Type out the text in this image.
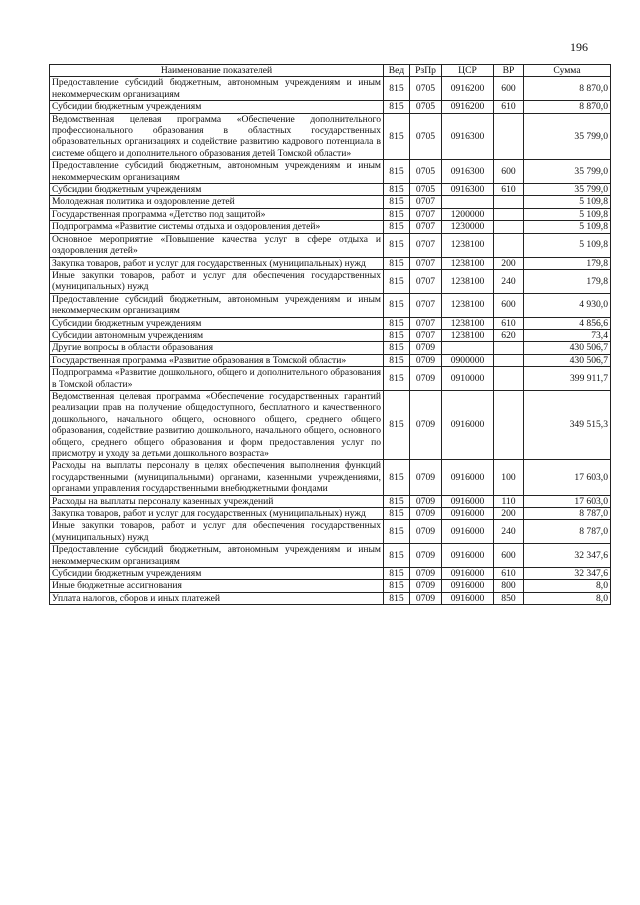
196
Наименование показателей	Вед	РзПр	ЦСР	ВР	Сумма
Предоставление субсидий бюджетным, автономным учреждениям и иным некоммерческим организациям	815	0705	0916200	600	8 870,0
Субсидии бюджетным учреждениям	815	0705	0916200	610	8 870,0
Ведомственная целевая программа «Обеспечение дополнительного профессионального образования в областных государственных образовательных организациях и содействие развитию кадрового потенциала в системе общего и дополнительного образования детей Томской области»	815	0705	0916300		35 799,0
Предоставление субсидий бюджетным, автономным учреждениям и иным некоммерческим организациям	815	0705	0916300	600	35 799,0
Субсидии бюджетным учреждениям	815	0705	0916300	610	35 799,0
Молодежная политика и оздоровление детей	815	0707			5 109,8
Государственная программа «Детство под защитой»	815	0707	1200000		5 109,8
Подпрограмма «Развитие системы отдыха и оздоровления детей»	815	0707	1230000		5 109,8
Основное мероприятие «Повышение качества услуг в сфере отдыха и оздоровления детей»	815	0707	1238100		5 109,8
Закупка товаров, работ и услуг для государственных (муниципальных) нужд	815	0707	1238100	200	179,8
Иные закупки товаров, работ и услуг для обеспечения государственных (муниципальных) нужд	815	0707	1238100	240	179,8
Предоставление субсидий бюджетным, автономным учреждениям и иным некоммерческим организациям	815	0707	1238100	600	4 930,0
Субсидии бюджетным учреждениям	815	0707	1238100	610	4 856,6
Субсидии автономным учреждениям	815	0707	1238100	620	73,4
Другие вопросы в области образования	815	0709			430 506,7
Государственная программа «Развитие образования в Томской области»	815	0709	0900000		430 506,7
Подпрограмма «Развитие дошкольного, общего и дополнительного образования в Томской области»	815	0709	0910000		399 911,7
Ведомственная целевая программа «Обеспечение государственных гарантий реализации прав на получение общедоступного, бесплатного и качественного дошкольного, начального общего, основного общего, среднего общего образования, содействие развитию дошкольного, начального общего, основного общего, среднего общего образования и форм предоставления услуг по присмотру и уходу за детьми дошкольного возраста»	815	0709	0916000		349 515,3
Расходы на выплаты персоналу в целях обеспечения выполнения функций государственными (муниципальными) органами, казенными учреждениями, органами управления государственными внебюджетными фондами	815	0709	0916000	100	17 603,0
Расходы на выплаты персоналу казенных учреждений	815	0709	0916000	110	17 603,0
Закупка товаров, работ и услуг для государственных (муниципальных) нужд	815	0709	0916000	200	8 787,0
Иные закупки товаров, работ и услуг для обеспечения государственных (муниципальных) нужд	815	0709	0916000	240	8 787,0
Предоставление субсидий бюджетным, автономным учреждениям и иным некоммерческим организациям	815	0709	0916000	600	32 347,6
Субсидии бюджетным учреждениям	815	0709	0916000	610	32 347,6
Иные бюджетные ассигнования	815	0709	0916000	800	8,0
Уплата налогов, сборов и иных платежей	815	0709	0916000	850	8,0
